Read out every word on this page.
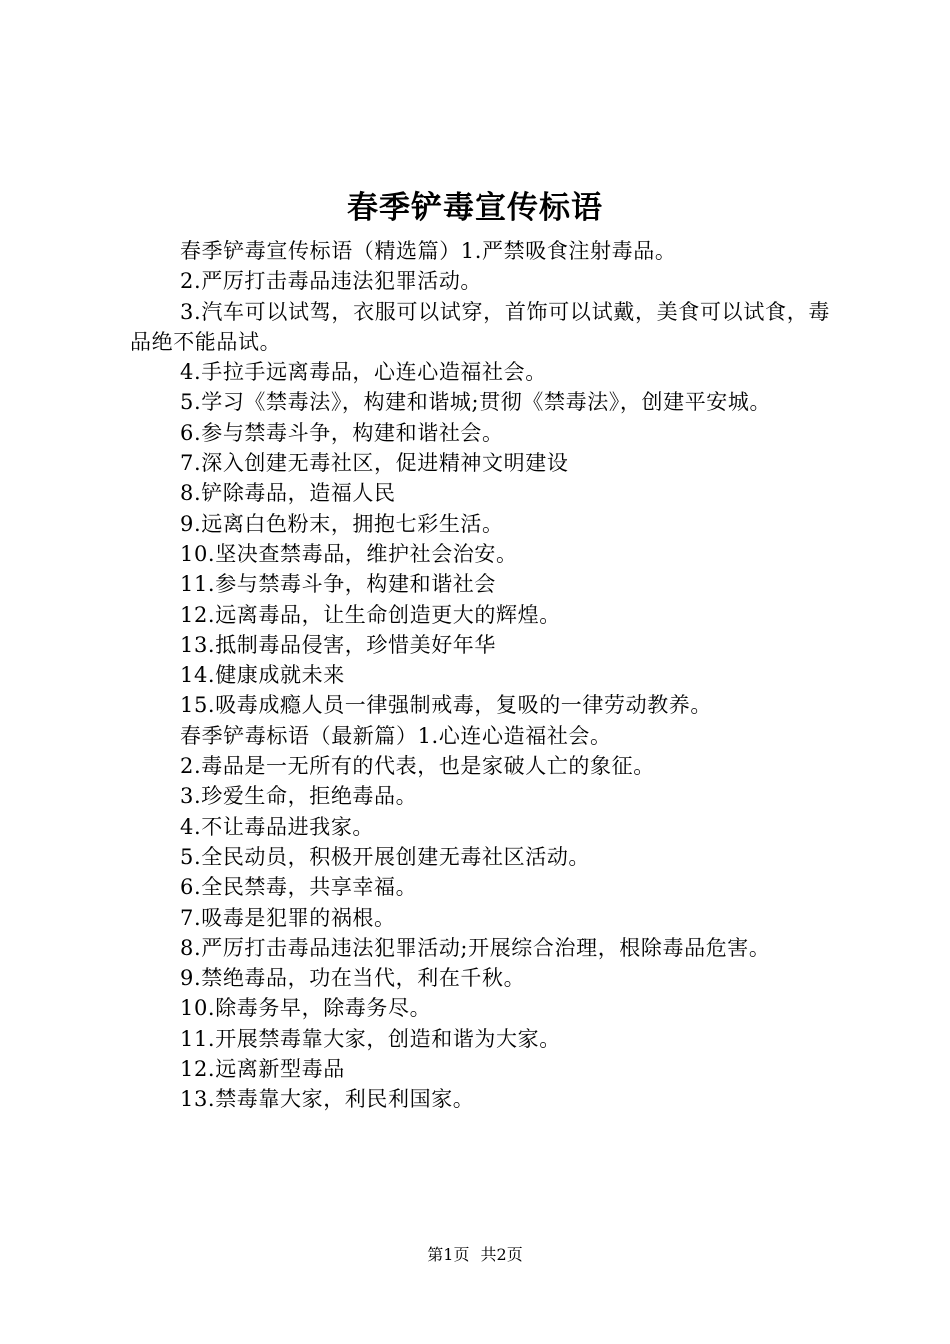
春季铲毒宣传标语

春季铲毒宣传标语（精选篇）1.严禁吸食注射毒品。

2.严厉打击毒品违法犯罪活动。

3.汽车可以试驾，衣服可以试穿，首饰可以试戴，美食可以试食，毒品绝不能品试。

4.手拉手远离毒品，心连心造福社会。

5.学习《禁毒法》，构建和谐城;贯彻《禁毒法》，创建平安城。

6.参与禁毒斗争，构建和谐社会。

7.深入创建无毒社区，促进精神文明建设

8.铲除毒品，造福人民

9.远离白色粉末，拥抱七彩生活。

10.坚决查禁毒品，维护社会治安。

11.参与禁毒斗争，构建和谐社会

12.远离毒品，让生命创造更大的辉煌。

13.抵制毒品侵害，珍惜美好年华

14.健康成就未来

15.吸毒成瘾人员一律强制戒毒，复吸的一律劳动教养。

春季铲毒标语（最新篇）1.心连心造福社会。

2.毒品是一无所有的代表，也是家破人亡的象征。

3.珍爱生命，拒绝毒品。

4.不让毒品进我家。

5.全民动员，积极开展创建无毒社区活动。

6.全民禁毒，共享幸福。

7.吸毒是犯罪的祸根。

8.严厉打击毒品违法犯罪活动;开展综合治理，根除毒品危害。

9.禁绝毒品，功在当代，利在千秋。

10.除毒务早，除毒务尽。

11.开展禁毒靠大家，创造和谐为大家。

12.远离新型毒品

13.禁毒靠大家，利民利国家。

第1页 共2页
